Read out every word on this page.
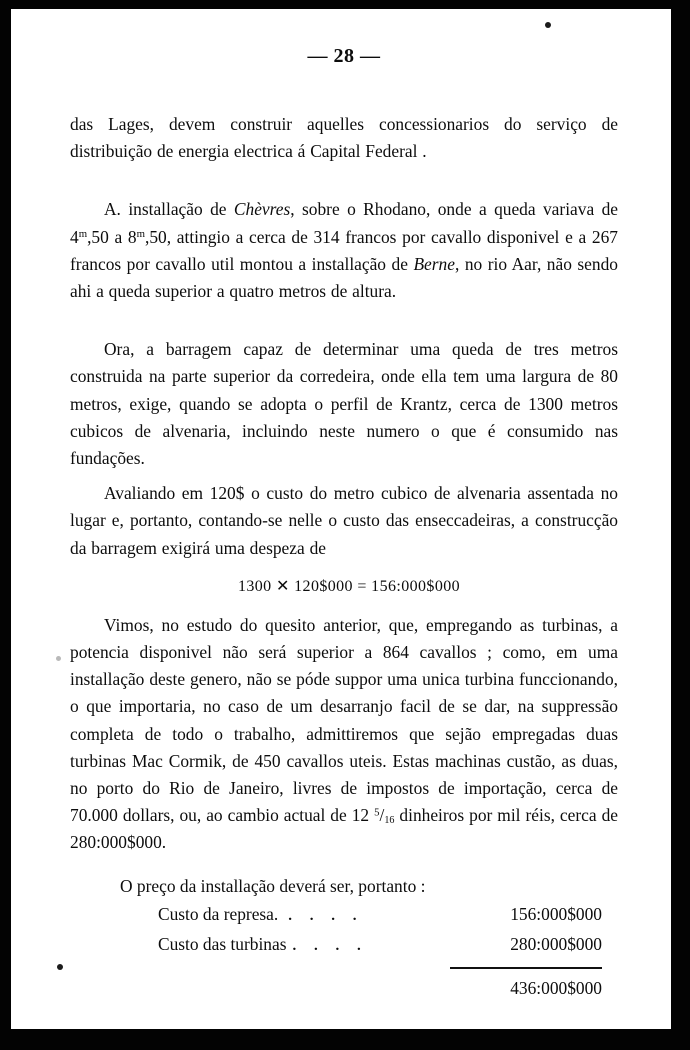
— 28 —

das Lages, devem construir aquelles concessionarios do serviço de distribuição de energia electrica á Capital Federal .

A. installação de Chèvres, sobre o Rhodano, onde a queda variava de 4$^m$,50 a 8$^m$,50, attingio a cerca de 314 francos por cavallo disponivel e a 267 francos por cavallo util montou a installação de Berne, no rio Aar, não sendo ahi a queda superior a quatro metros de altura.

Ora, a barragem capaz de determinar uma queda de tres metros construida na parte superior da corredeira, onde ella tem uma largura de 80 metros, exige, quando se adopta o perfil de Krantz, cerca de 1300 metros cubicos de alvenaria, incluindo neste numero o que é consumido nas fundações.

Avaliando em 120$ o custo do metro cubico de alvenaria assentada no lugar e, portanto, contando-se nelle o custo das enseccadeiras, a construcção da barragem exigirá uma despeza de

1300 ✕ 120$000 = 156:000$000

Vimos, no estudo do quesito anterior, que, empregando as turbinas, a potencia disponivel não será superior a 864 cavallos ; como, em uma installação deste genero, não se póde suppor uma unica turbina funccionando, o que importaria, no caso de um desarranjo facil de se dar, na suppressão completa de todo o trabalho, admittiremos que sejão empregadas duas turbinas Mac Cormik, de 450 cavallos uteis. Estas machinas custão, as duas, no porto do Rio de Janeiro, livres de impostos de importação, cerca de 70.000 dollars, ou, ao cambio actual de 12 $^5/_{16}$ dinheiros por mil réis, cerca de 280:000$000.

O preço da installação deverá ser, portanto :

Custo da represa. . . . .	156:000$000
Custo das turbinas . . . .	280:000$000
436:000$000
